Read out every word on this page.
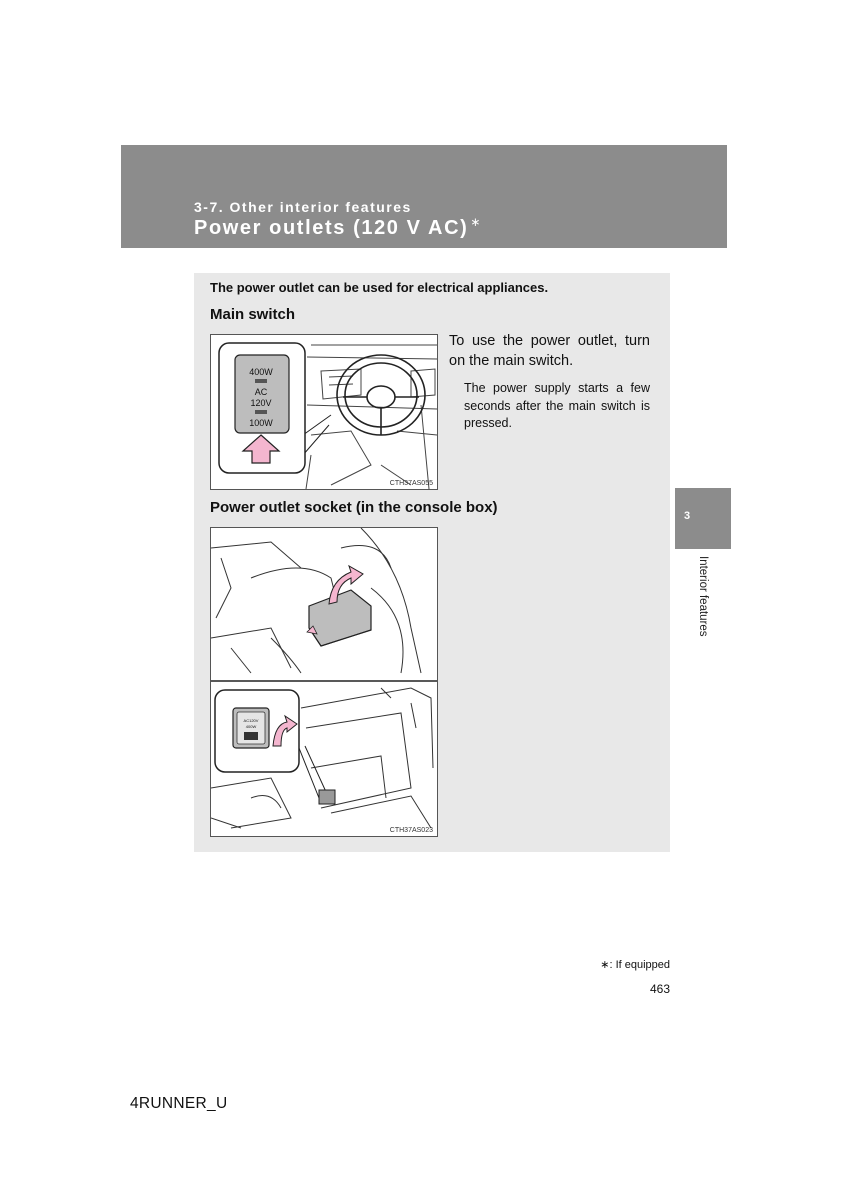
3-7. Other interior features
Power outlets (120 V AC) ∗
The power outlet can be used for electrical appliances.
Main switch
400W
AC
120V
100W
CTH37AS055
To use the power outlet, turn on the main switch.
The power supply starts a few seconds after the main switch is pressed.
Power outlet socket (in the console box)
AC120V
400W
CTH37AS023
3
Interior features
∗: If equipped
463
4RUNNER_U
